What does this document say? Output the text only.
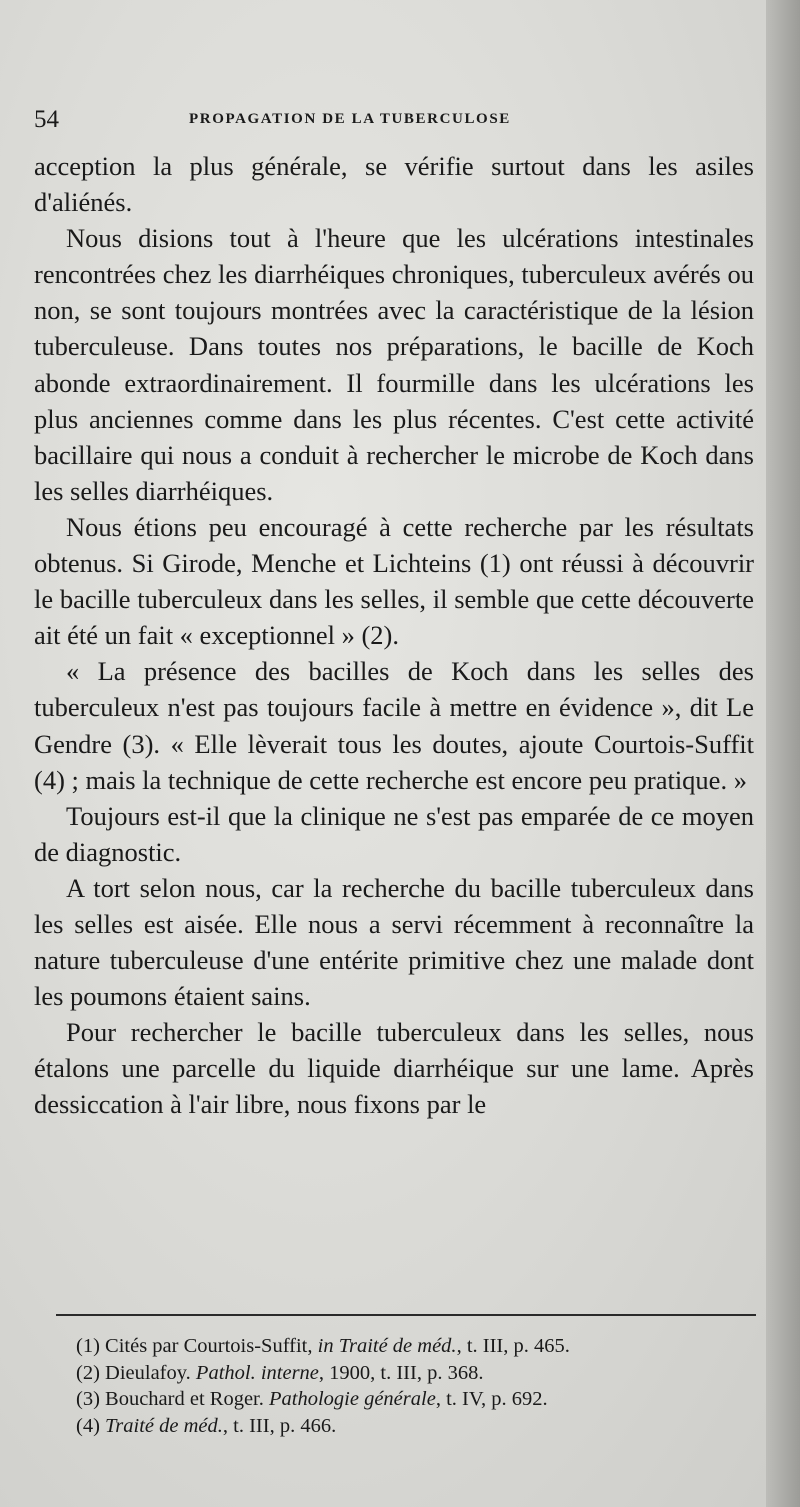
54	PROPAGATION DE LA TUBERCULOSE

acception la plus générale, se vérifie surtout dans les asiles d'aliénés.

Nous disions tout à l'heure que les ulcérations intestinales rencontrées chez les diarrhéiques chroniques, tuberculeux avérés ou non, se sont toujours montrées avec la caractéristique de la lésion tuberculeuse. Dans toutes nos préparations, le bacille de Koch abonde extraordinairement. Il fourmille dans les ulcérations les plus anciennes comme dans les plus récentes. C'est cette activité bacillaire qui nous a conduit à rechercher le microbe de Koch dans les selles diarrhéiques.

Nous étions peu encouragé à cette recherche par les résultats obtenus. Si Girode, Menche et Lichteins (1) ont réussi à découvrir le bacille tuberculeux dans les selles, il semble que cette découverte ait été un fait « exceptionnel » (2).

« La présence des bacilles de Koch dans les selles des tuberculeux n'est pas toujours facile à mettre en évidence », dit Le Gendre (3). « Elle lèverait tous les doutes, ajoute Courtois-Suffit (4) ; mais la technique de cette recherche est encore peu pratique. »

Toujours est-il que la clinique ne s'est pas emparée de ce moyen de diagnostic.

A tort selon nous, car la recherche du bacille tuberculeux dans les selles est aisée. Elle nous a servi récemment à reconnaître la nature tuberculeuse d'une entérite primitive chez une malade dont les poumons étaient sains.

Pour rechercher le bacille tuberculeux dans les selles, nous étalons une parcelle du liquide diarrhéique sur une lame. Après dessiccation à l'air libre, nous fixons par le

(1) Cités par Courtois-Suffit, in Traité de méd., t. III, p. 465.
(2) Dieulafoy. Pathol. interne, 1900, t. III, p. 368.
(3) Bouchard et Roger. Pathologie générale, t. IV, p. 692.
(4) Traité de méd., t. III, p. 466.
